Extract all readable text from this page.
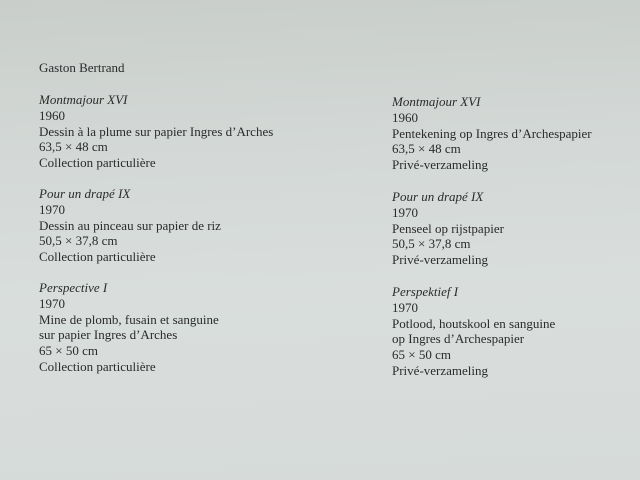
Gaston Bertrand

Montmajour XVI
1960
Dessin à la plume sur papier Ingres d’Arches
63,5 × 48 cm
Collection particulière
Pour un drapé IX
1970
Dessin au pinceau sur papier de riz
50,5 × 37,8 cm
Collection particulière
Perspective I
1970
Mine de plomb, fusain et sanguine
sur papier Ingres d’Arches
65 × 50 cm
Collection particulière
Montmajour XVI
1960
Pentekening op Ingres d’Archespapier
63,5 × 48 cm
Privé-verzameling
Pour un drapé IX
1970
Penseel op rijstpapier
50,5 × 37,8 cm
Privé-verzameling
Perspektief I
1970
Potlood, houtskool en sanguine
op Ingres d’Archespapier
65 × 50 cm
Privé-verzameling
